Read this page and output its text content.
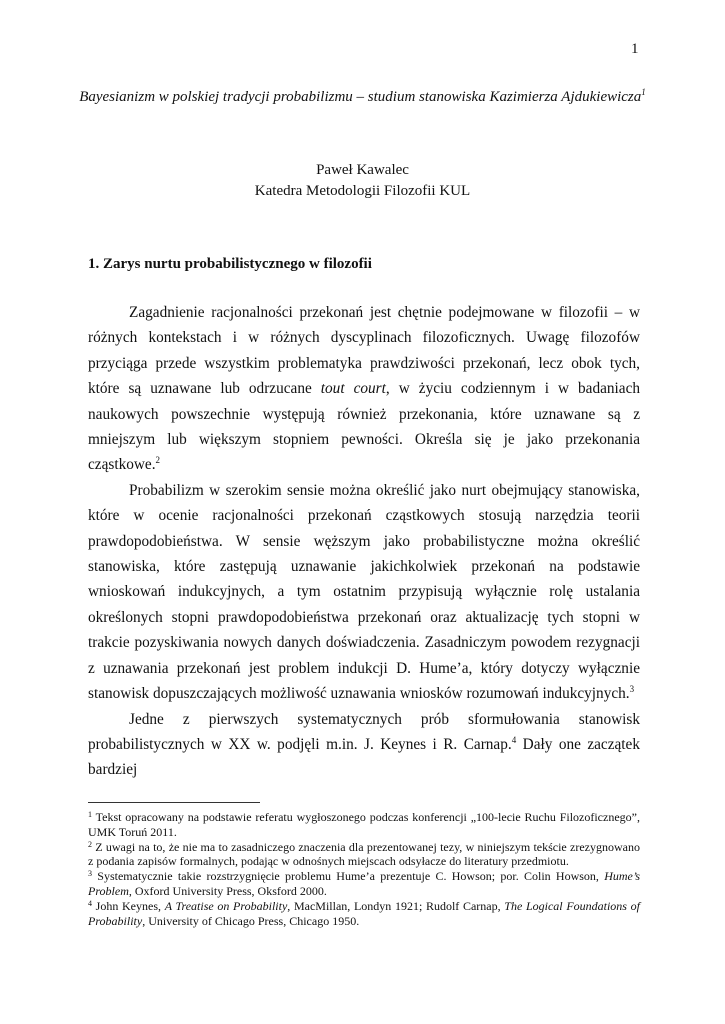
1
Bayesianizm w polskiej tradycji probabilizmu – studium stanowiska Kazimierza Ajdukiewicza$^1$
Paweł Kawalec
Katedra Metodologii Filozofii KUL
1. Zarys nurtu probabilistycznego w filozofii

Zagadnienie racjonalności przekonań jest chętnie podejmowane w filozofii – w różnych kontekstach i w różnych dyscyplinach filozoficznych. Uwagę filozofów przyciąga przede wszystkim problematyka prawdziwości przekonań, lecz obok tych, które są uznawane lub odrzucane tout court, w życiu codziennym i w badaniach naukowych powszechnie występują również przekonania, które uznawane są z mniejszym lub większym stopniem pewności. Określa się je jako przekonania cząstkowe.$^2$

Probabilizm w szerokim sensie można określić jako nurt obejmujący stanowiska, które w ocenie racjonalności przekonań cząstkowych stosują narzędzia teorii prawdopodobieństwa. W sensie węższym jako probabilistyczne można określić stanowiska, które zastępują uznawanie jakichkolwiek przekonań na podstawie wnioskowań indukcyjnych, a tym ostatnim przypisują wyłącznie rolę ustalania określonych stopni prawdopodobieństwa przekonań oraz aktualizację tych stopni w trakcie pozyskiwania nowych danych doświadczenia. Zasadniczym powodem rezygnacji z uznawania przekonań jest problem indukcji D. Hume’a, który dotyczy wyłącznie stanowisk dopuszczających możliwość uznawania wniosków rozumowań indukcyjnych.$^3$

Jedne z pierwszych systematycznych prób sformułowania stanowisk probabilistycznych w XX w. podjęli m.in. J. Keynes i R. Carnap.$^4$ Dały one zaczątek bardziej

$^1$ Tekst opracowany na podstawie referatu wygłoszonego podczas konferencji „100-lecie Ruchu Filozoficznego”, UMK Toruń 2011.

$^2$ Z uwagi na to, że nie ma to zasadniczego znaczenia dla prezentowanej tezy, w niniejszym tekście zrezygnowano z podania zapisów formalnych, podając w odnośnych miejscach odsyłacze do literatury przedmiotu.

$^3$ Systematycznie takie rozstrzygnięcie problemu Hume’a prezentuje C. Howson; por. Colin Howson, Hume’s Problem, Oxford University Press, Oksford 2000.

$^4$ John Keynes, A Treatise on Probability, MacMillan, Londyn 1921; Rudolf Carnap, The Logical Foundations of Probability, University of Chicago Press, Chicago 1950.
